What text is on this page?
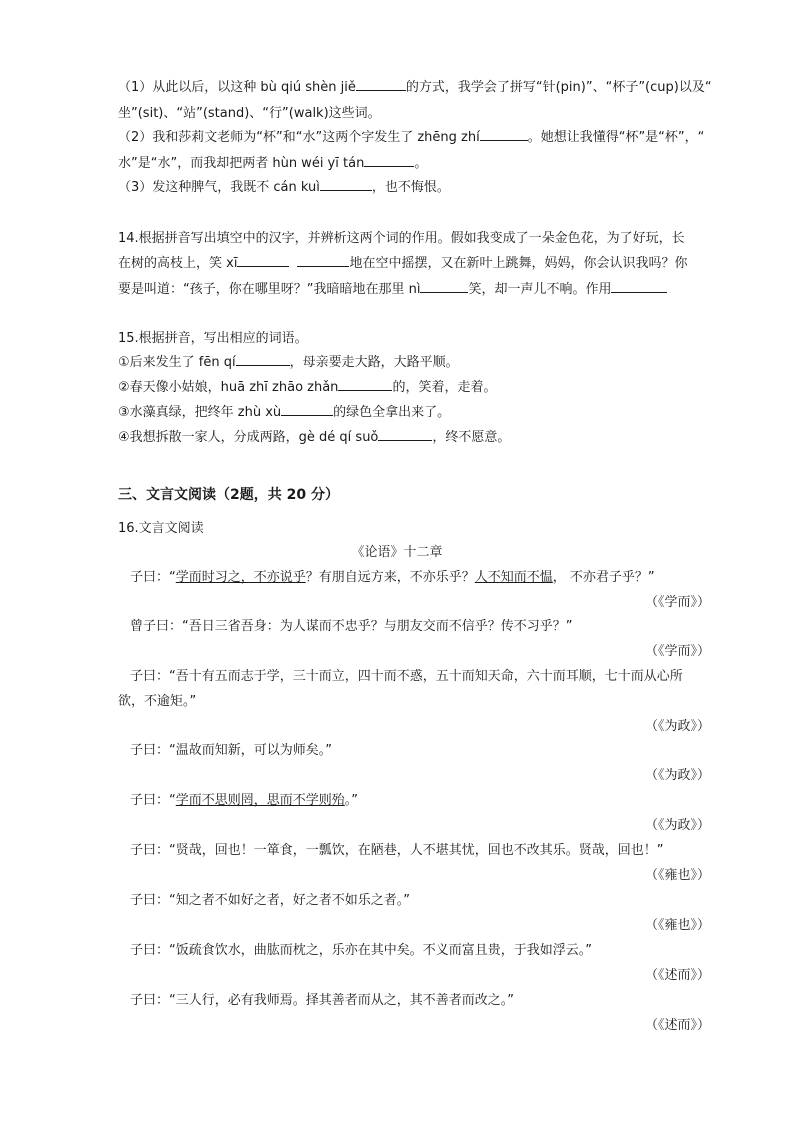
（1）从此以后，以这种 bù qiú shèn jiě	的方式，我学会了拼写“针(pin)”、“杯子”(cup)以及“
坐”(sit)、“站”(stand)、“行”(walk)这些词。
（2）我和莎莉文老师为“杯”和“水”这两个字发生了 zhēng zhí	。她想让我懂得“杯”是“杯”，“
水”是“水”，而我却把两者 hùn wéi yī tán	。
（3）发这种脾气，我既不 cán kuì	，也不悔恨。
14.根据拼音写出填空中的汉字，并辨析这两个词的作用。假如我变成了一朵金色花，为了好玩，长
在树的高枝上，笑 xī	地在空中摇摆，又在新叶上跳舞，妈妈，你会认识我吗？你
要是叫道：“孩子，你在哪里呀？”我暗暗地在那里 nì	笑，却一声儿不响。作用
15.根据拼音，写出相应的词语。
①后来发生了 fēn qí	，母亲要走大路，大路平顺。
②春天像小姑娘，huā zhī zhāo zhǎn	的，笑着，走着。
③水藻真绿，把终年 zhù xù	的绿色全拿出来了。
④我想拆散一家人，分成两路，gè dé qí suǒ	，终不愿意。
三、文言文阅读（2题，共 20 分）
16.文言文阅读
《论语》十二章
子曰：“学而时习之，不亦说乎？有朋自远方来，不亦乐乎？人不知而不愠， 不亦君子乎？”
（《学而》）
曾子曰：“吾日三省吾身：为人谋而不忠乎？与朋友交而不信乎？传不习乎？”
（《学而》）
子曰：“吾十有五而志于学，三十而立，四十而不惑，五十而知天命，六十而耳顺，七十而从心所
欲，不逾矩。”
（《为政》）
子曰：“温故而知新，可以为师矣。”
（《为政》）
子曰：“学而不思则罔，思而不学则殆。”
（《为政》）
子曰：“贤哉，回也！一箪食，一瓢饮，在陋巷，人不堪其忧，回也不改其乐。贤哉，回也！”
（《雍也》）
子曰：“知之者不如好之者，好之者不如乐之者。”
（《雍也》）
子曰：“饭疏食饮水，曲肱而枕之，乐亦在其中矣。不义而富且贵，于我如浮云。”
（《述而》）
子曰：“三人行，必有我师焉。择其善者而从之，其不善者而改之。”
（《述而》）
